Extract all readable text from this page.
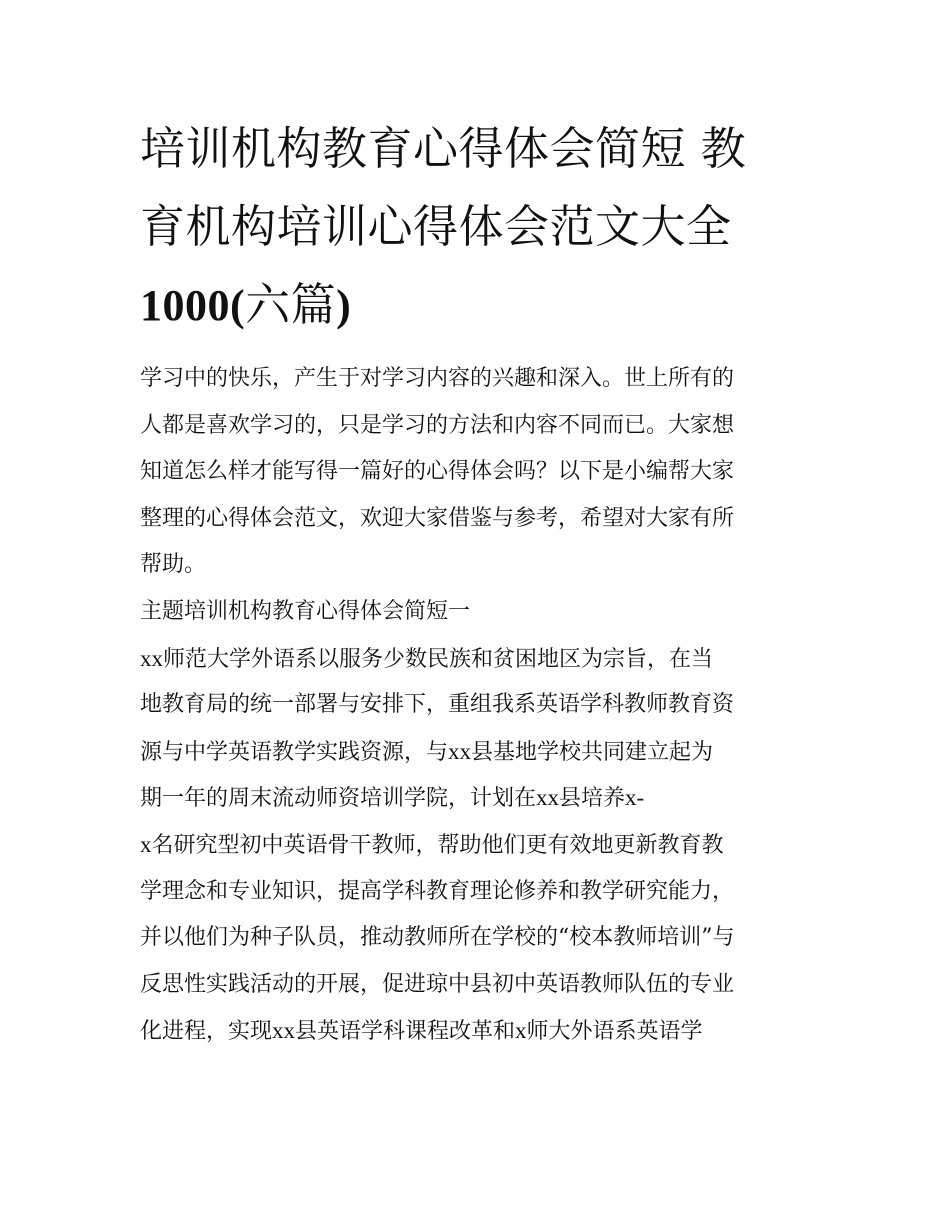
培训机构教育心得体会简短 教
育机构培训心得体会范文大全
1000(六篇)
学习中的快乐，产生于对学习内容的兴趣和深入。世上所有的
人都是喜欢学习的，只是学习的方法和内容不同而已。大家想
知道怎么样才能写得一篇好的心得体会吗？以下是小编帮大家
整理的心得体会范文，欢迎大家借鉴与参考，希望对大家有所
帮助。
主题培训机构教育心得体会简短一
xx师范大学外语系以服务少数民族和贫困地区为宗旨，在当
地教育局的统一部署与安排下，重组我系英语学科教师教育资
源与中学英语教学实践资源，与xx县基地学校共同建立起为
期一年的周末流动师资培训学院，计划在xx县培养x-
x名研究型初中英语骨干教师，帮助他们更有效地更新教育教
学理念和专业知识，提高学科教育理论修养和教学研究能力，
并以他们为种子队员，推动教师所在学校的“校本教师培训”与
反思性实践活动的开展，促进琼中县初中英语教师队伍的专业
化进程，实现xx县英语学科课程改革和x师大外语系英语学
